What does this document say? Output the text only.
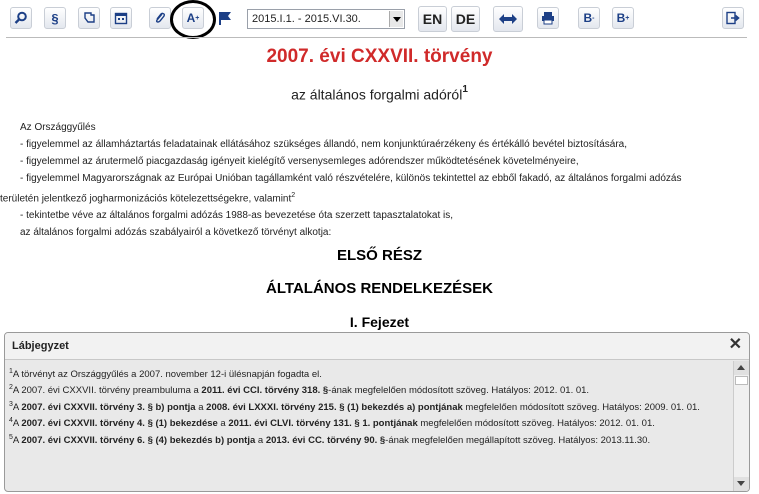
§	A +	2015.I.1. - 2015.VI.30.	EN DE	B - B +
2007. évi CXXVII. törvény
az általános forgalmi adóról$^1$

Az Országgyűlés

- figyelemmel az államháztartás feladatainak ellátásához szükséges állandó, nem konjunktúraérzékeny és értékálló bevétel biztosítására,

- figyelemmel az árutermelő piacgazdaság igényeit kielégítő versenysemleges adórendszer működtetésének követelményeire,

- figyelemmel Magyarországnak az Európai Unióban tagállamként való részvételére, különös tekintettel az ebből fakadó, az általános forgalmi adózás

területén jelentkező jogharmonizációs kötelezettségekre, valamint$^2$

- tekintetbe véve az általános forgalmi adózás 1988-as bevezetése óta szerzett tapasztalatokat is,

az általános forgalmi adózás szabályairól a következő törvényt alkotja:

ELSŐ RÉSZ
ÁLTALÁNOS RENDELKEZÉSEK
I. Fejezet
Lábjegyzet	✕
$^1$A törvényt az Országgyűlés a 2007. november 12-i ülésnapján fogadta el.
$^2$A 2007. évi CXXVII. törvény preambuluma a 2011. évi CCI. törvény 318. §-ának megfelelően módosított szöveg. Hatályos: 2012. 01. 01.
$^3$A 2007. évi CXXVII. törvény 3. § b) pontja a 2008. évi LXXXI. törvény 215. § (1) bekezdés a) pontjának megfelelően módosított szöveg. Hatályos: 2009. 01. 01.
$^4$A 2007. évi CXXVII. törvény 4. § (1) bekezdése a 2011. évi CLVI. törvény 131. § 1. pontjának megfelelően módosított szöveg. Hatályos: 2012. 01. 01.
$^5$A 2007. évi CXXVII. törvény 6. § (4) bekezdés b) pontja a 2013. évi CC. törvény 90. §-ának megfelelően megállapított szöveg. Hatályos: 2013.11.30.
